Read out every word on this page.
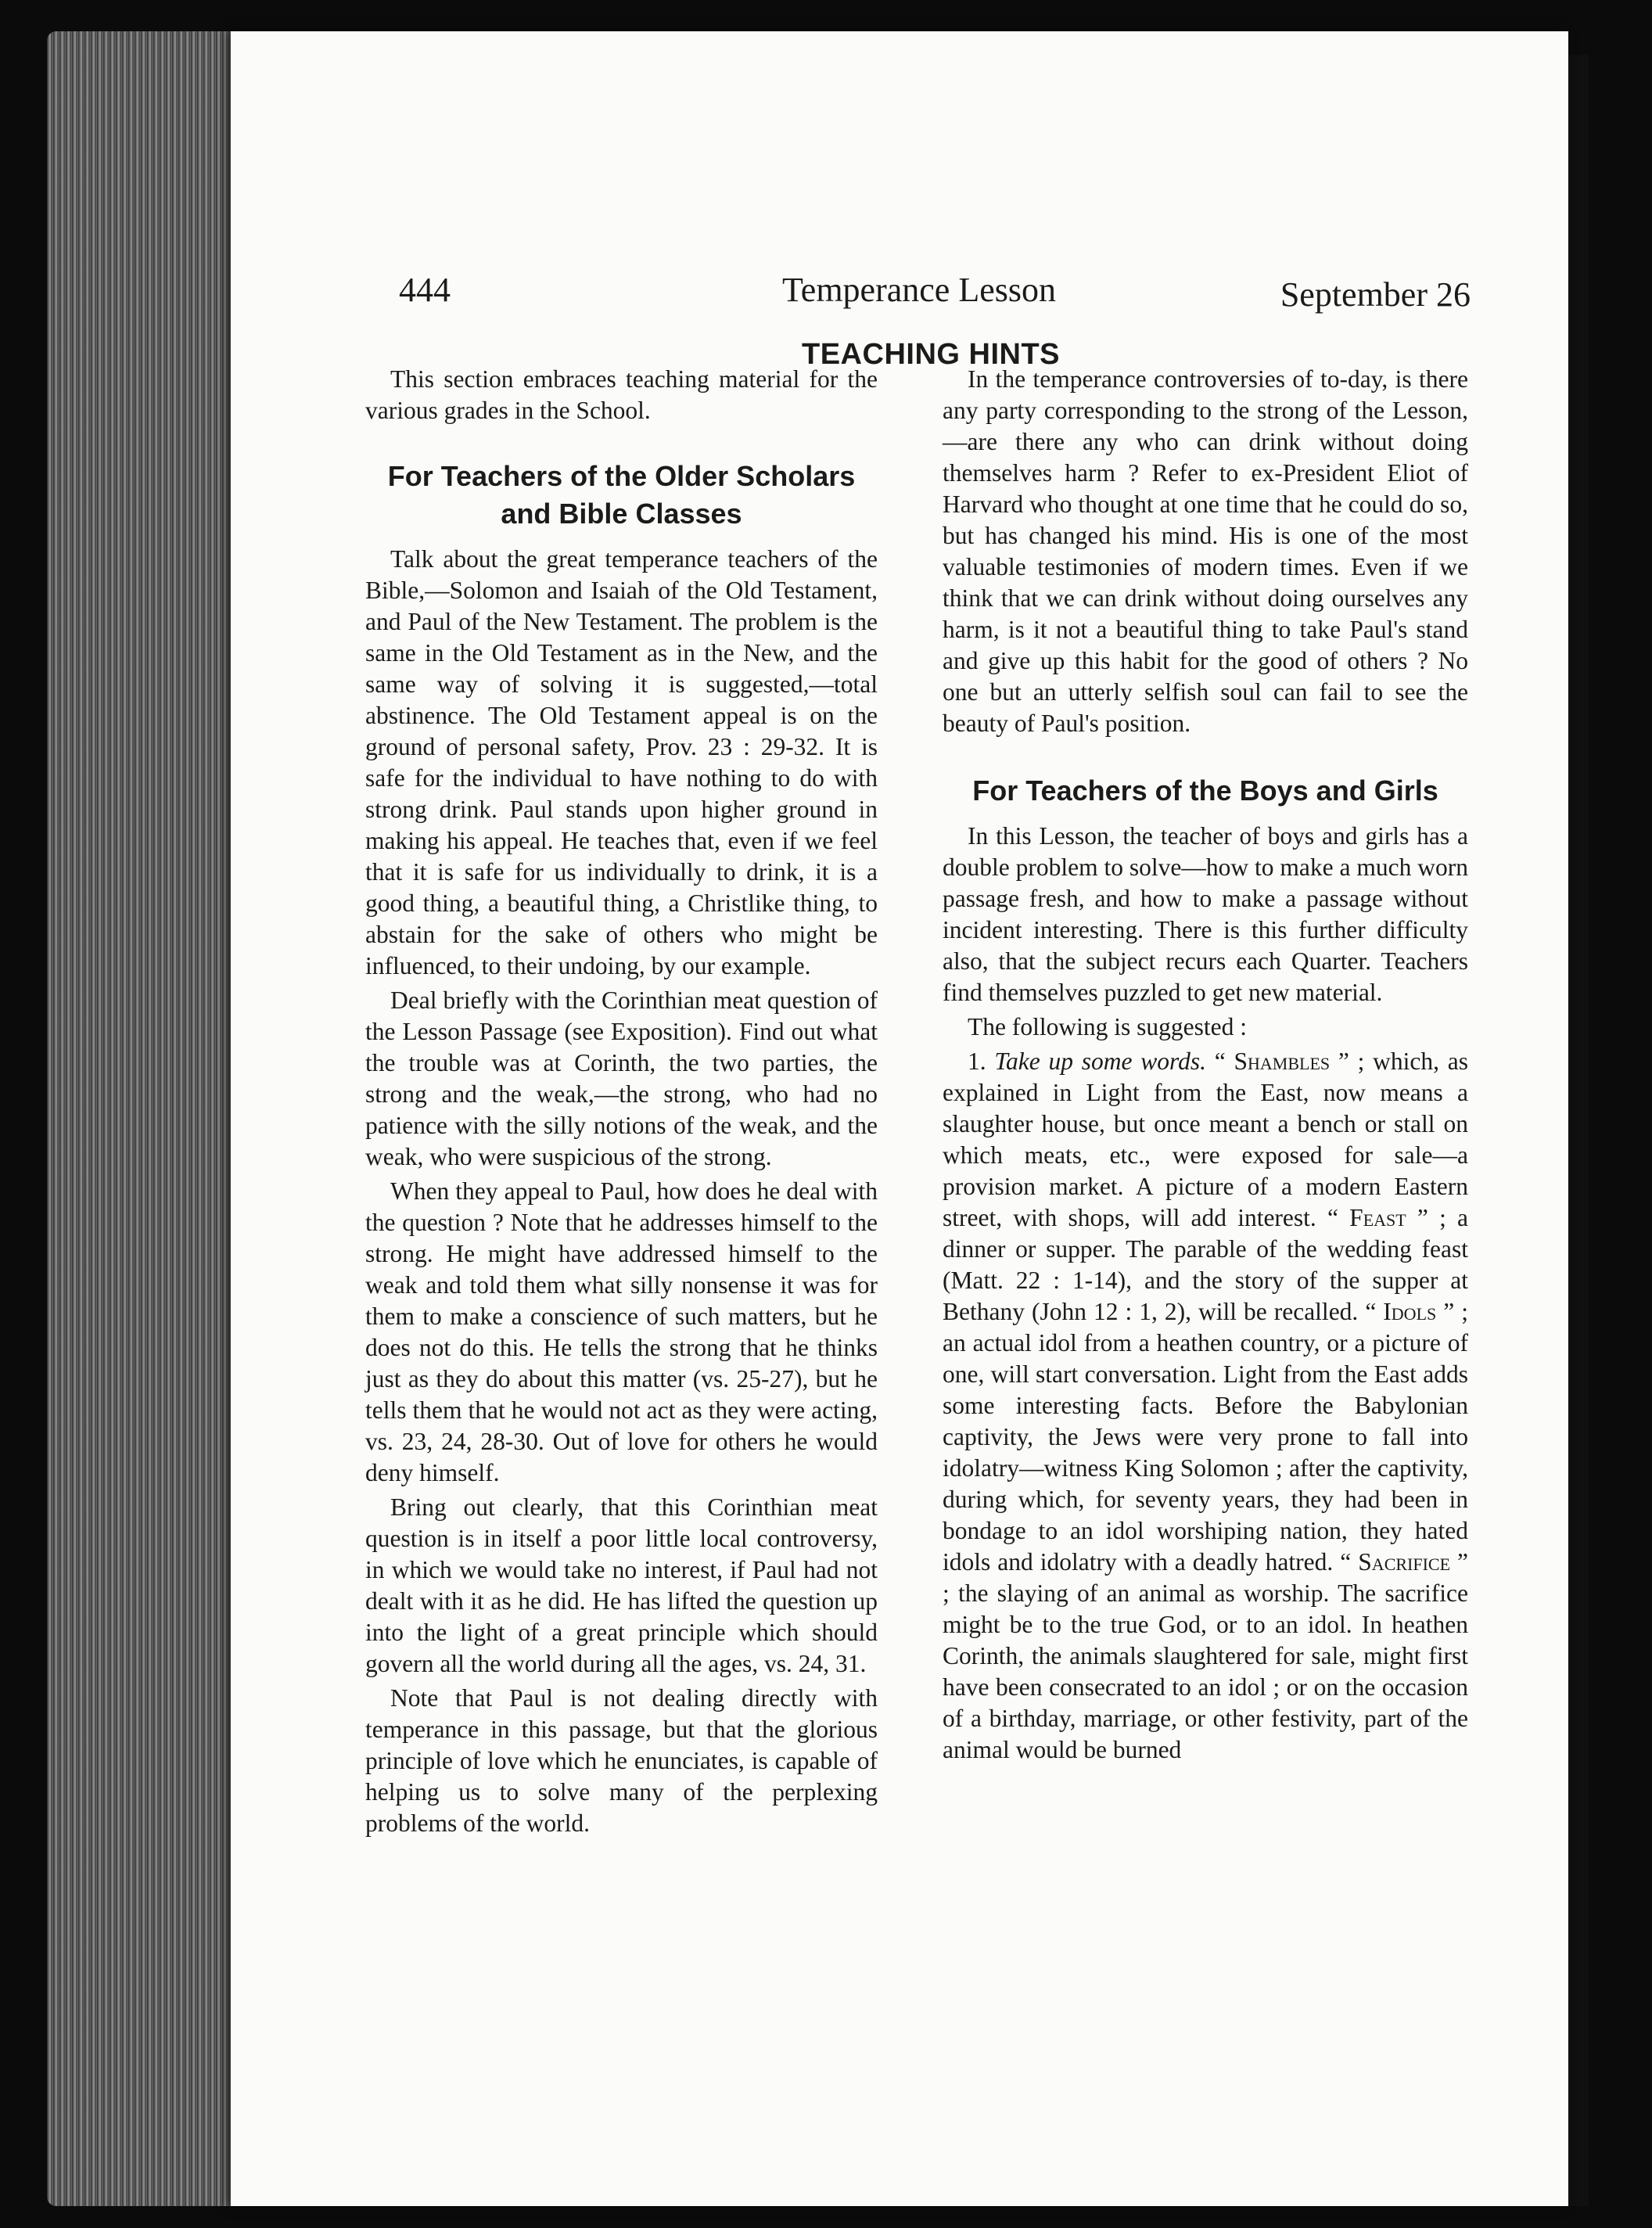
444	Temperance Lesson	September 26
TEACHING HINTS

This section embraces teaching material for the various grades in the School.

For Teachers of the Older Scholars and Bible Classes

Talk about the great temperance teachers of the Bible,—Solomon and Isaiah of the Old Testament, and Paul of the New Testament. The problem is the same in the Old Testament as in the New, and the same way of solving it is suggested,—total abstinence. The Old Testament appeal is on the ground of personal safety, Prov. 23 : 29-32. It is safe for the individual to have nothing to do with strong drink. Paul stands upon higher ground in making his appeal. He teaches that, even if we feel that it is safe for us individually to drink, it is a good thing, a beautiful thing, a Christlike thing, to abstain for the sake of others who might be influenced, to their undoing, by our example.

Deal briefly with the Corinthian meat question of the Lesson Passage (see Exposition). Find out what the trouble was at Corinth, the two parties, the strong and the weak,—the strong, who had no patience with the silly notions of the weak, and the weak, who were suspicious of the strong.

When they appeal to Paul, how does he deal with the question ? Note that he addresses himself to the strong. He might have addressed himself to the weak and told them what silly nonsense it was for them to make a conscience of such matters, but he does not do this. He tells the strong that he thinks just as they do about this matter (vs. 25-27), but he tells them that he would not act as they were acting, vs. 23, 24, 28-30. Out of love for others he would deny himself.

Bring out clearly, that this Corinthian meat question is in itself a poor little local controversy, in which we would take no interest, if Paul had not dealt with it as he did. He has lifted the question up into the light of a great principle which should govern all the world during all the ages, vs. 24, 31.

Note that Paul is not dealing directly with temperance in this passage, but that the glorious principle of love which he enunciates, is capable of helping us to solve many of the perplexing problems of the world.

In the temperance controversies of to-day, is there any party corresponding to the strong of the Lesson,—are there any who can drink without doing themselves harm ? Refer to ex-President Eliot of Harvard who thought at one time that he could do so, but has changed his mind. His is one of the most valuable testimonies of modern times. Even if we think that we can drink without doing ourselves any harm, is it not a beautiful thing to take Paul's stand and give up this habit for the good of others ? No one but an utterly selfish soul can fail to see the beauty of Paul's position.

For Teachers of the Boys and Girls

In this Lesson, the teacher of boys and girls has a double problem to solve—how to make a much worn passage fresh, and how to make a passage without incident interesting. There is this further difficulty also, that the subject recurs each Quarter. Teachers find themselves puzzled to get new material.

The following is suggested :

1. Take up some words. “ Shambles ” ; which, as explained in Light from the East, now means a slaughter house, but once meant a bench or stall on which meats, etc., were exposed for sale—a provision market. A picture of a modern Eastern street, with shops, will add interest. “ Feast ” ; a dinner or supper. The parable of the wedding feast (Matt. 22 : 1-14), and the story of the supper at Bethany (John 12 : 1, 2), will be recalled. “ Idols ” ; an actual idol from a heathen country, or a picture of one, will start conversation. Light from the East adds some interesting facts. Before the Babylonian captivity, the Jews were very prone to fall into idolatry—witness King Solomon ; after the captivity, during which, for seventy years, they had been in bondage to an idol worshiping nation, they hated idols and idolatry with a deadly hatred. “ Sacrifice ” ; the slaying of an animal as worship. The sacrifice might be to the true God, or to an idol. In heathen Corinth, the animals slaughtered for sale, might first have been consecrated to an idol ; or on the occasion of a birthday, marriage, or other festivity, part of the animal would be burned
